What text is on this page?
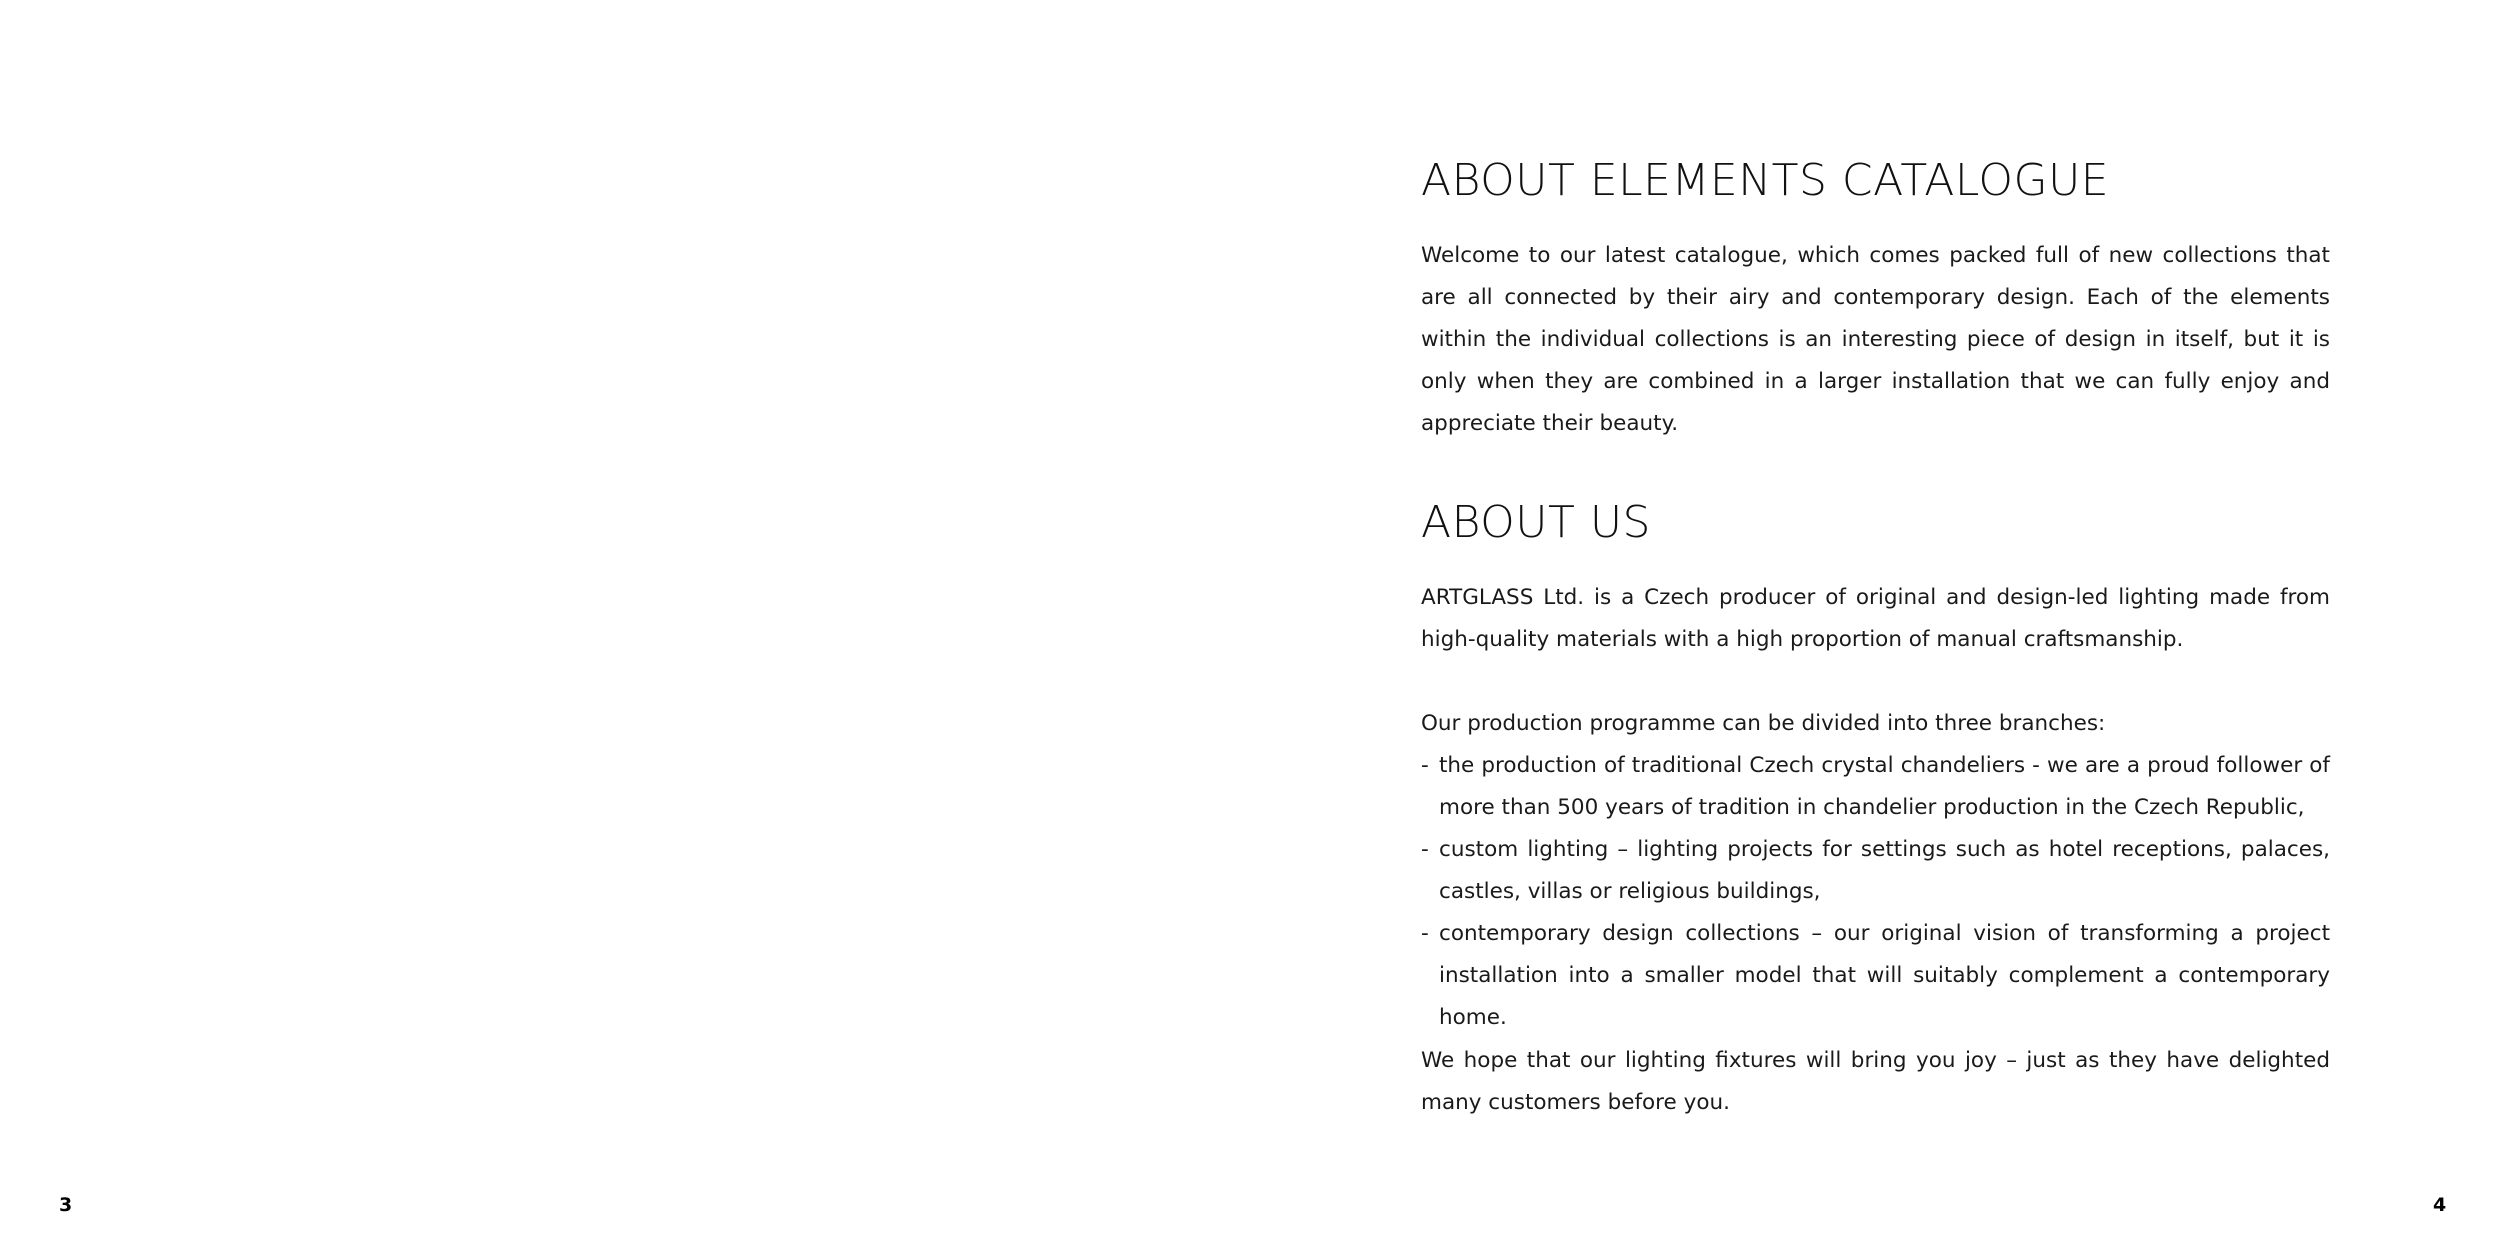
3
ABOUT ELEMENTS CATALOGUE

Welcome to our latest catalogue, which comes packed full of new collections that are all connected by their airy and contemporary design. Each of the elements within the individual collections is an interesting piece of design in itself, but it is only when they are combined in a larger installation that we can fully enjoy and appreciate their beauty.

ABOUT US

ARTGLASS Ltd. is a Czech producer of original and design-led lighting made from high-quality materials with a high proportion of manual craftsmanship.

Our production programme can be divided into three branches:

- the production of traditional Czech crystal chandeliers - we are a proud follower of more than 500 years of tradition in chandelier production in the Czech Republic,
- custom lighting – lighting projects for settings such as hotel receptions, palaces, castles, villas or religious buildings,
- contemporary design collections – our original vision of transforming a project installation into a smaller model that will suitably complement a contemporary home.

We hope that our lighting fixtures will bring you joy – just as they have delighted many customers before you.

4
